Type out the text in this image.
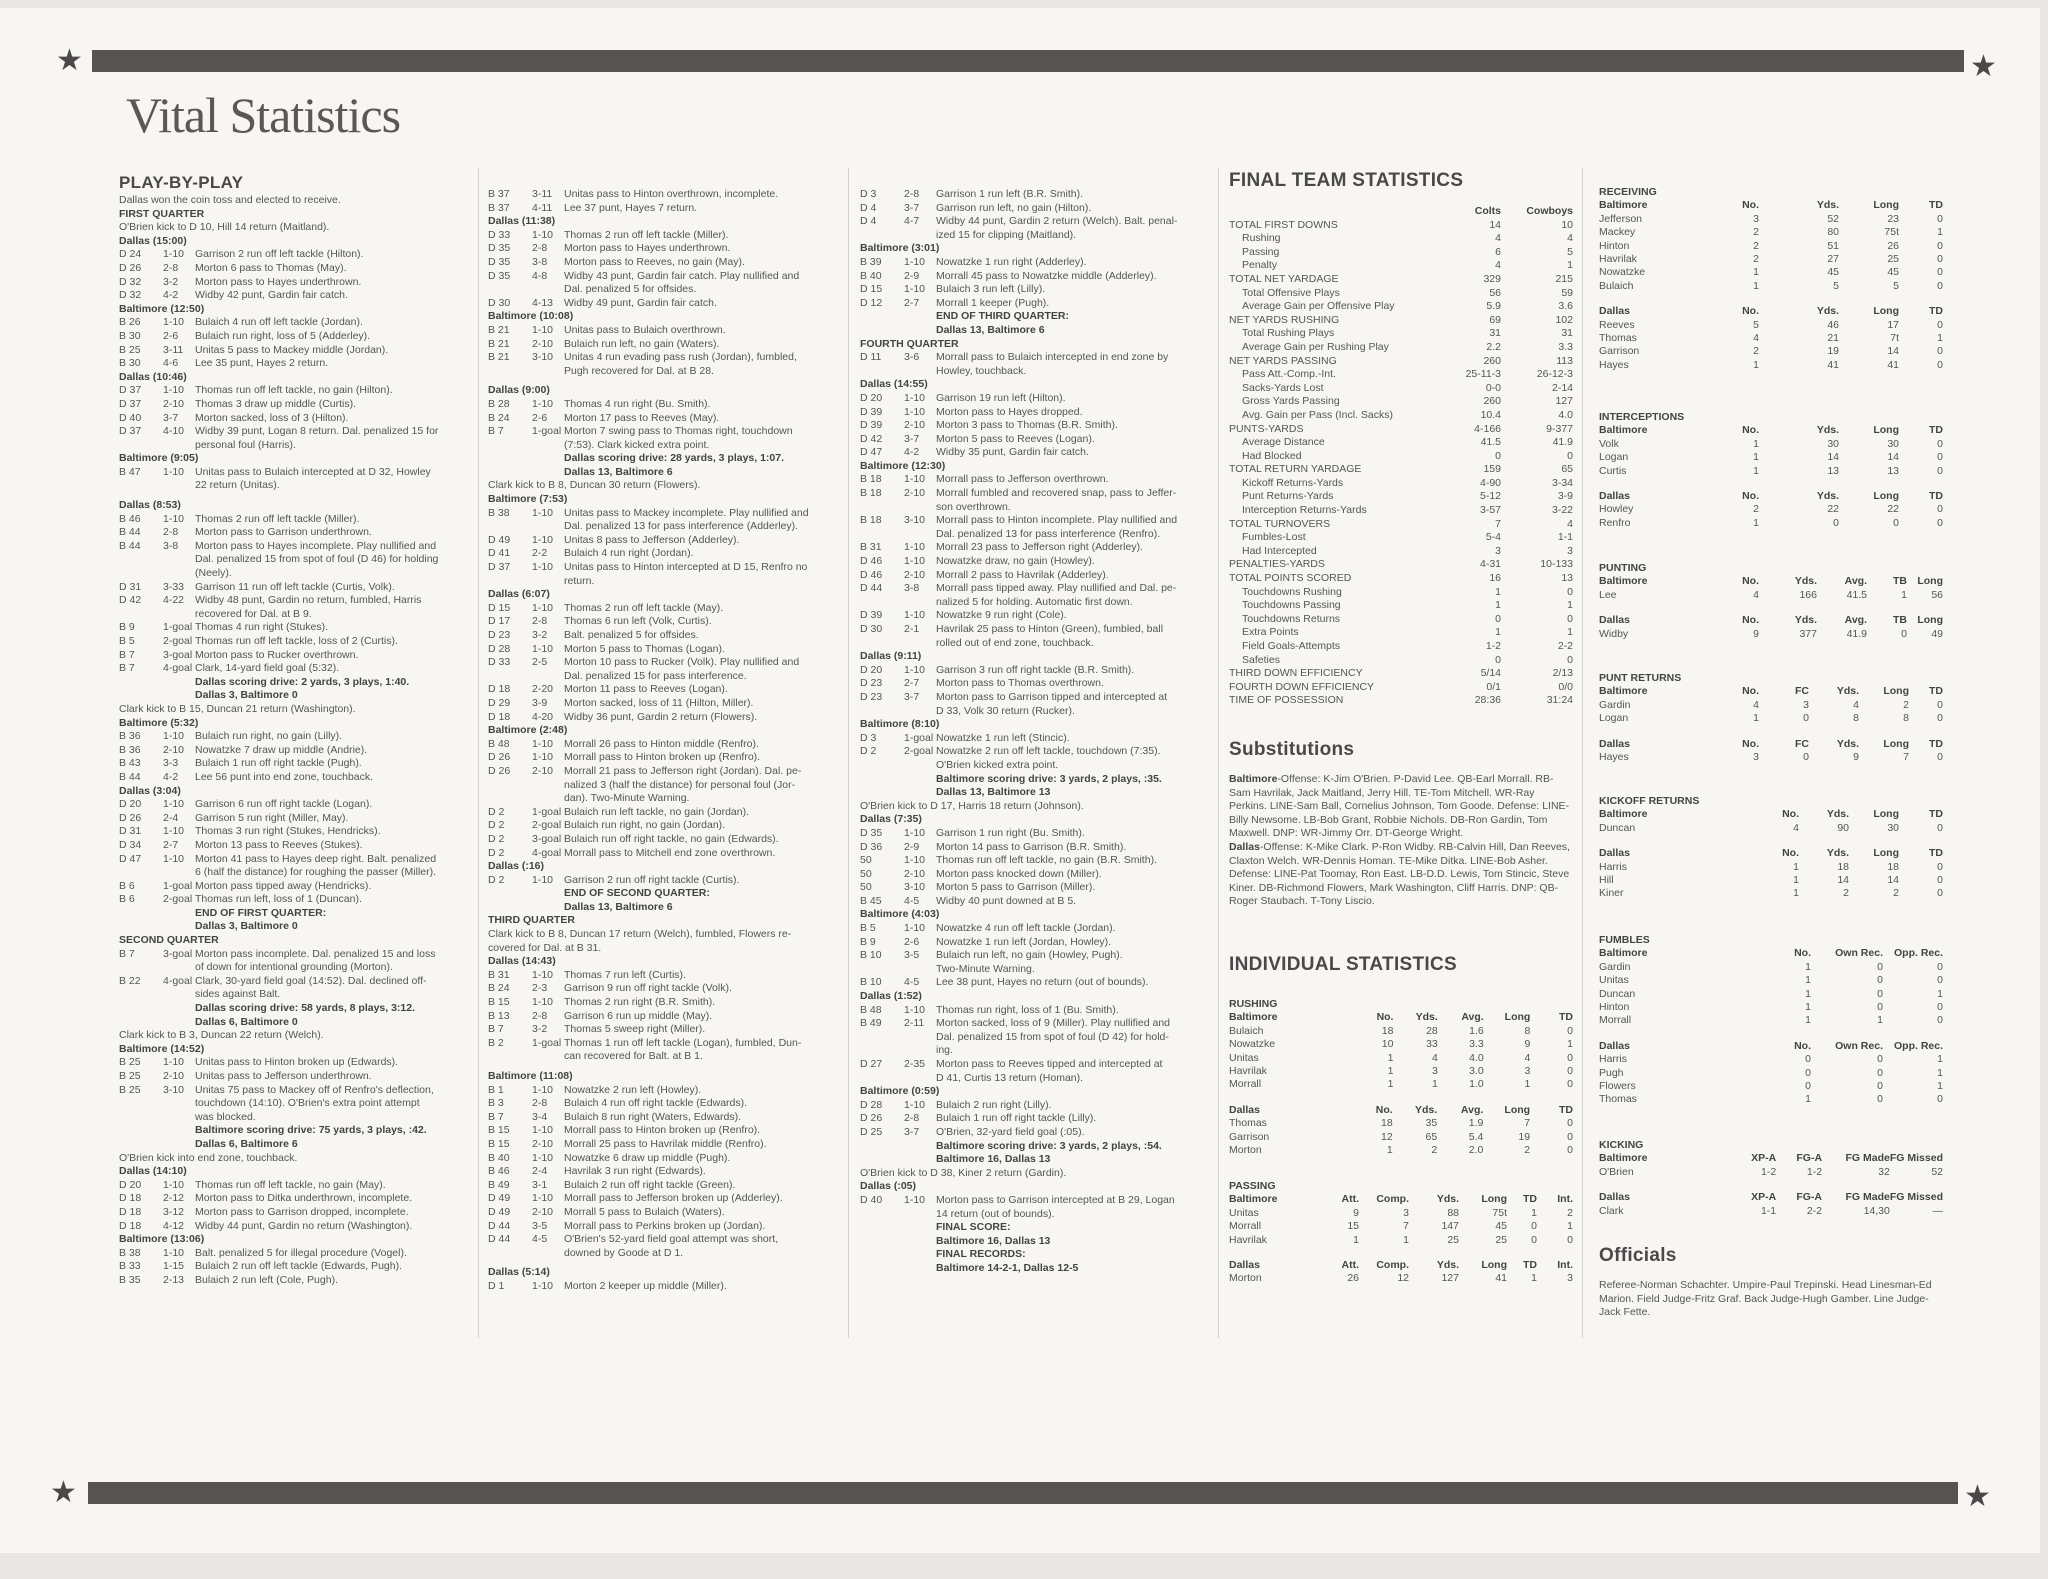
★	★
Vital Statistics
PLAY-BY-PLAY
Dallas won the coin toss and elected to receive.
FIRST QUARTER
O'Brien kick to D 10, Hill 14 return (Maitland).
Dallas (15:00)
D 24 1-10 Garrison 2 run off left tackle (Hilton).
D 26 2-8 Morton 6 pass to Thomas (May).
D 32 3-2 Morton pass to Hayes underthrown.
D 32 4-2 Widby 42 punt, Gardin fair catch.
Baltimore (12:50)
B 26 1-10 Bulaich 4 run off left tackle (Jordan).
B 30 2-6 Bulaich run right, loss of 5 (Adderley).
B 25 3-11 Unitas 5 pass to Mackey middle (Jordan).
B 30 4-6 Lee 35 punt, Hayes 2 return.
Dallas (10:46)
D 37 1-10 Thomas run off left tackle, no gain (Hilton).
D 37 2-10 Thomas 3 draw up middle (Curtis).
D 40 3-7 Morton sacked, loss of 3 (Hilton).
D 37 4-10 Widby 39 punt, Logan 8 return. Dal. penalized 15 for
personal foul (Harris).
Baltimore (9:05)
B 47 1-10 Unitas pass to Bulaich intercepted at D 32, Howley
22 return (Unitas).
Dallas (8:53)
B 46 1-10 Thomas 2 run off left tackle (Miller).
B 44 2-8 Morton pass to Garrison underthrown.
B 44 3-8 Morton pass to Hayes incomplete. Play nullified and
Dal. penalized 15 from spot of foul (D 46) for holding
(Neely).
D 31 3-33 Garrison 11 run off left tackle (Curtis, Volk).
D 42 4-22 Widby 48 punt, Gardin no return, fumbled, Harris
recovered for Dal. at B 9.
B 9	1-goal Thomas 4 run right (Stukes).
B 5	2-goal Thomas run off left tackle, loss of 2 (Curtis).
B 7	3-goal Morton pass to Rucker overthrown.
B 7	4-goal Clark, 14-yard field goal (5:32).
Dallas scoring drive: 2 yards, 3 plays, 1:40.
Dallas 3, Baltimore 0
Clark kick to B 15, Duncan 21 return (Washington).
Baltimore (5:32)
B 36 1-10 Bulaich run right, no gain (Lilly).
B 36 2-10 Nowatzke 7 draw up middle (Andrie).
B 43 3-3 Bulaich 1 run off right tackle (Pugh).
B 44 4-2 Lee 56 punt into end zone, touchback.
Dallas (3:04)
D 20 1-10 Garrison 6 run off right tackle (Logan).
D 26 2-4 Garrison 5 run right (Miller, May).
D 31 1-10 Thomas 3 run right (Stukes, Hendricks).
D 34 2-7 Morton 13 pass to Reeves (Stukes).
D 47 1-10 Morton 41 pass to Hayes deep right. Balt. penalized
6 (half the distance) for roughing the passer (Miller).
B 6	1-goal Morton pass tipped away (Hendricks).
B 6	2-goal Thomas run left, loss of 1 (Duncan).
END OF FIRST QUARTER:
Dallas 3, Baltimore 0
SECOND QUARTER
B 7	3-goal Morton pass incomplete. Dal. penalized 15 and loss
of down for intentional grounding (Morton).
B 22 4-goal Clark, 30-yard field goal (14:52). Dal. declined off-
sides against Balt.
Dallas scoring drive: 58 yards, 8 plays, 3:12.
Dallas 6, Baltimore 0
Clark kick to B 3, Duncan 22 return (Welch).
Baltimore (14:52)
B 25 1-10 Unitas pass to Hinton broken up (Edwards).
B 25 2-10 Unitas pass to Jefferson underthrown.
B 25 3-10 Unitas 75 pass to Mackey off of Renfro's deflection,
touchdown (14:10). O'Brien's extra point attempt
was blocked.
Baltimore scoring drive: 75 yards, 3 plays, :42.
Dallas 6, Baltimore 6
O'Brien kick into end zone, touchback.
Dallas (14:10)
D 20 1-10 Thomas run off left tackle, no gain (May).
D 18 2-12 Morton pass to Ditka underthrown, incomplete.
D 18 3-12 Morton pass to Garrison dropped, incomplete.
D 18 4-12 Widby 44 punt, Gardin no return (Washington).
Baltimore (13:06)
B 38 1-10 Balt. penalized 5 for illegal procedure (Vogel).
B 33 1-15 Bulaich 2 run off left tackle (Edwards, Pugh).
B 35 2-13 Bulaich 2 run left (Cole, Pugh).
B 37 3-11 Unitas pass to Hinton overthrown, incomplete.
B 37 4-11 Lee 37 punt, Hayes 7 return.
Dallas (11:38)
D 33 1-10 Thomas 2 run off left tackle (Miller).
D 35 2-8 Morton pass to Hayes underthrown.
D 35 3-8 Morton pass to Reeves, no gain (May).
D 35 4-8 Widby 43 punt, Gardin fair catch. Play nullified and
Dal. penalized 5 for offsides.
D 30 4-13 Widby 49 punt, Gardin fair catch.
Baltimore (10:08)
B 21 1-10 Unitas pass to Bulaich overthrown.
B 21 2-10 Bulaich run left, no gain (Waters).
B 21 3-10 Unitas 4 run evading pass rush (Jordan), fumbled,
Pugh recovered for Dal. at B 28.
Dallas (9:00)
B 28 1-10 Thomas 4 run right (Bu. Smith).
B 24 2-6 Morton 17 pass to Reeves (May).
B 7	1-goal Morton 7 swing pass to Thomas right, touchdown
(7:53). Clark kicked extra point.
Dallas scoring drive: 28 yards, 3 plays, 1:07.
Dallas 13, Baltimore 6
Clark kick to B 8, Duncan 30 return (Flowers).
Baltimore (7:53)
B 38 1-10 Unitas pass to Mackey incomplete. Play nullified and
Dal. penalized 13 for pass interference (Adderley).
D 49 1-10 Unitas 8 pass to Jefferson (Adderley).
D 41 2-2 Bulaich 4 run right (Jordan).
D 37 1-10 Unitas pass to Hinton intercepted at D 15, Renfro no
return.
Dallas (6:07)
D 15 1-10 Thomas 2 run off left tackle (May).
D 17 2-8 Thomas 6 run left (Volk, Curtis).
D 23 3-2 Balt. penalized 5 for offsides.
D 28 1-10 Morton 5 pass to Thomas (Logan).
D 33 2-5 Morton 10 pass to Rucker (Volk). Play nullified and
Dal. penalized 15 for pass interference.
D 18 2-20 Morton 11 pass to Reeves (Logan).
D 29 3-9 Morton sacked, loss of 11 (Hilton, Miller).
D 18 4-20 Widby 36 punt, Gardin 2 return (Flowers).
Baltimore (2:48)
B 48 1-10 Morrall 26 pass to Hinton middle (Renfro).
D 26 1-10 Morrall pass to Hinton broken up (Renfro).
D 26 2-10 Morrall 21 pass to Jefferson right (Jordan). Dal. pe-
nalized 3 (half the distance) for personal foul (Jor-
dan). Two-Minute Warning.
D 2	1-goal Bulaich run left tackle, no gain (Jordan).
D 2	2-goal Bulaich run right, no gain (Jordan).
D 2	3-goal Bulaich run off right tackle, no gain (Edwards).
D 2	4-goal Morrall pass to Mitchell end zone overthrown.
Dallas (:16)
D 2	1-10 Garrison 2 run off right tackle (Curtis).
END OF SECOND QUARTER:
Dallas 13, Baltimore 6
THIRD QUARTER
Clark kick to B 8, Duncan 17 return (Welch), fumbled, Flowers re-
covered for Dal. at B 31.
Dallas (14:43)
B 31 1-10 Thomas 7 run left (Curtis).
B 24 2-3 Garrison 9 run off right tackle (Volk).
B 15 1-10 Thomas 2 run right (B.R. Smith).
B 13 2-8 Garrison 6 run up middle (May).
B 7	3-2 Thomas 5 sweep right (Miller).
B 2	1-goal Thomas 1 run off left tackle (Logan), fumbled, Dun-
can recovered for Balt. at B 1.
Baltimore (11:08)
B 1	1-10 Nowatzke 2 run left (Howley).
B 3	2-8 Bulaich 4 run off right tackle (Edwards).
B 7	3-4 Bulaich 8 run right (Waters, Edwards).
B 15 1-10 Morrall pass to Hinton broken up (Renfro).
B 15 2-10 Morrall 25 pass to Havrilak middle (Renfro).
B 40 1-10 Nowatzke 6 draw up middle (Pugh).
B 46 2-4 Havrilak 3 run right (Edwards).
B 49 3-1 Bulaich 2 run off right tackle (Green).
D 49 1-10 Morrall pass to Jefferson broken up (Adderley).
D 49 2-10 Morrall 5 pass to Bulaich (Waters).
D 44 3-5 Morrall pass to Perkins broken up (Jordan).
D 44 4-5 O'Brien's 52-yard field goal attempt was short,
downed by Goode at D 1.
Dallas (5:14)
D 1	1-10 Morton 2 keeper up middle (Miller).
D 3	2-8 Garrison 1 run left (B.R. Smith).
D 4	3-7 Garrison run left, no gain (Hilton).
D 4	4-7 Widby 44 punt, Gardin 2 return (Welch). Balt. penal-
ized 15 for clipping (Maitland).
Baltimore (3:01)
B 39 1-10 Nowatzke 1 run right (Adderley).
B 40 2-9 Morrall 45 pass to Nowatzke middle (Adderley).
D 15 1-10 Bulaich 3 run left (Lilly).
D 12 2-7 Morrall 1 keeper (Pugh).
END OF THIRD QUARTER:
Dallas 13, Baltimore 6
FOURTH QUARTER
D 11 3-6 Morrall pass to Bulaich intercepted in end zone by
Howley, touchback.
Dallas (14:55)
D 20 1-10 Garrison 19 run left (Hilton).
D 39 1-10 Morton pass to Hayes dropped.
D 39 2-10 Morton 3 pass to Thomas (B.R. Smith).
D 42 3-7 Morton 5 pass to Reeves (Logan).
D 47 4-2 Widby 35 punt, Gardin fair catch.
Baltimore (12:30)
B 18 1-10 Morrall pass to Jefferson overthrown.
B 18 2-10 Morrall fumbled and recovered snap, pass to Jeffer-
son overthrown.
B 18 3-10 Morrall pass to Hinton incomplete. Play nullified and
Dal. penalized 13 for pass interference (Renfro).
B 31 1-10 Morrall 23 pass to Jefferson right (Adderley).
D 46 1-10 Nowatzke draw, no gain (Howley).
D 46 2-10 Morrall 2 pass to Havrilak (Adderley).
D 44 3-8 Morrall pass tipped away. Play nullified and Dal. pe-
nalized 5 for holding. Automatic first down.
D 39 1-10 Nowatzke 9 run right (Cole).
D 30 2-1 Havrilak 25 pass to Hinton (Green), fumbled, ball
rolled out of end zone, touchback.
Dallas (9:11)
D 20 1-10 Garrison 3 run off right tackle (B.R. Smith).
D 23 2-7 Morton pass to Thomas overthrown.
D 23 3-7 Morton pass to Garrison tipped and intercepted at
D 33, Volk 30 return (Rucker).
Baltimore (8:10)
D 3	1-goal Nowatzke 1 run left (Stincic).
D 2	2-goal Nowatzke 2 run off left tackle, touchdown (7:35).
O'Brien kicked extra point.
Baltimore scoring drive: 3 yards, 2 plays, :35.
Dallas 13, Baltimore 13
O'Brien kick to D 17, Harris 18 return (Johnson).
Dallas (7:35)
D 35 1-10 Garrison 1 run right (Bu. Smith).
D 36 2-9 Morton 14 pass to Garrison (B.R. Smith).
50	1-10 Thomas run off left tackle, no gain (B.R. Smith).
50	2-10 Morton pass knocked down (Miller).
50	3-10 Morton 5 pass to Garrison (Miller).
B 45 4-5 Widby 40 punt downed at B 5.
Baltimore (4:03)
B 5	1-10 Nowatzke 4 run off left tackle (Jordan).
B 9	2-6 Nowatzke 1 run left (Jordan, Howley).
B 10 3-5 Bulaich run left, no gain (Howley, Pugh).
Two-Minute Warning.
B 10 4-5 Lee 38 punt, Hayes no return (out of bounds).
Dallas (1:52)
B 48 1-10 Thomas run right, loss of 1 (Bu. Smith).
B 49 2-11 Morton sacked, loss of 9 (Miller). Play nullified and
Dal. penalized 15 from spot of foul (D 42) for hold-
ing.
D 27 2-35 Morton pass to Reeves tipped and intercepted at
D 41, Curtis 13 return (Homan).
Baltimore (0:59)
D 28 1-10 Bulaich 2 run right (Lilly).
D 26 2-8 Bulaich 1 run off right tackle (Lilly).
D 25 3-7 O'Brien, 32-yard field goal (:05).
Baltimore scoring drive: 3 yards, 2 plays, :54.
Baltimore 16, Dallas 13
O'Brien kick to D 38, Kiner 2 return (Gardin).
Dallas (:05)
D 40 1-10 Morton pass to Garrison intercepted at B 29, Logan
14 return (out of bounds).
FINAL SCORE:
Baltimore 16, Dallas 13
FINAL RECORDS:
Baltimore 14-2-1, Dallas 12-5
FINAL TEAM STATISTICS
	Colts	Cowboys
TOTAL FIRST DOWNS	14	10
Rushing	4	4
Passing	6	5
Penalty	4	1
TOTAL NET YARDAGE	329	215
Total Offensive Plays	56	59
Average Gain per Offensive Play	5.9	3.6
NET YARDS RUSHING	69	102
Total Rushing Plays	31	31
Average Gain per Rushing Play	2.2	3.3
NET YARDS PASSING	260	113
Pass Att.-Comp.-Int.	25-11-3	26-12-3
Sacks-Yards Lost	0-0	2-14
Gross Yards Passing	260	127
Avg. Gain per Pass (Incl. Sacks)	10.4	4.0
PUNTS-YARDS	4-166	9-377
Average Distance	41.5	41.9
Had Blocked	0	0
TOTAL RETURN YARDAGE	159	65
Kickoff Returns-Yards	4-90	3-34
Punt Returns-Yards	5-12	3-9
Interception Returns-Yards	3-57	3-22
TOTAL TURNOVERS	7	4
Fumbles-Lost	5-4	1-1
Had Intercepted	3	3
PENALTIES-YARDS	4-31	10-133
TOTAL POINTS SCORED	16	13
Touchdowns Rushing	1	0
Touchdowns Passing	1	1
Touchdowns Returns	0	0
Extra Points	1	1
Field Goals-Attempts	1-2	2-2
Safeties	0	0
THIRD DOWN EFFICIENCY	5/14	2/13
FOURTH DOWN EFFICIENCY	0/1	0/0
TIME OF POSSESSION	28:36	31:24
Substitutions
Baltimore-Offense: K-Jim O'Brien. P-David Lee. QB-Earl Morrall. RB-Sam Havrilak, Jack Maitland, Jerry Hill. TE-Tom Mitchell. WR-Ray Perkins. LINE-Sam Ball, Cornelius Johnson, Tom Goode. Defense: LINE-Billy Newsome. LB-Bob Grant, Robbie Nichols. DB-Ron Gardin, Tom Maxwell. DNP: WR-Jimmy Orr. DT-George Wright.
Dallas-Offense: K-Mike Clark. P-Ron Widby. RB-Calvin Hill, Dan Reeves, Claxton Welch. WR-Dennis Homan. TE-Mike Ditka. LINE-Bob Asher. Defense: LINE-Pat Toomay, Ron East. LB-D.D. Lewis, Tom Stincic, Steve Kiner. DB-Richmond Flowers, Mark Washington, Cliff Harris. DNP: QB-Roger Staubach. T-Tony Liscio.
INDIVIDUAL STATISTICS
RUSHING
Baltimore	No.	Yds.	Avg.	Long	TD
Bulaich	18	28	1.6	8	0
Nowatzke	10	33	3.3	9	1
Unitas	1	4	4.0	4	0
Havrilak	1	3	3.0	3	0
Morrall	1	1	1.0	1	0
Dallas	No.	Yds.	Avg.	Long	TD
Thomas	18	35	1.9	7	0
Garrison	12	65	5.4	19	0
Morton	1	2	2.0	2	0
PASSING
Baltimore	Att.	Comp.	Yds.	Long	TD	Int.
Unitas	9	3	88	75t	1	2
Morrall	15	7	147	45	0	1
Havrilak	1	1	25	25	0	0
Dallas	Att.	Comp.	Yds.	Long	TD	Int.
Morton	26	12	127	41	1	3
RECEIVING
Baltimore	No.	Yds.	Long	TD
Jefferson	3	52	23	0
Mackey	2	80	75t	1
Hinton	2	51	26	0
Havrilak	2	27	25	0
Nowatzke	1	45	45	0
Bulaich	1	5	5	0
Dallas	No.	Yds.	Long	TD
Reeves	5	46	17	0
Thomas	4	21	7t	1
Garrison	2	19	14	0
Hayes	1	41	41	0
INTERCEPTIONS
Baltimore	No.	Yds.	Long	TD
Volk	1	30	30	0
Logan	1	14	14	0
Curtis	1	13	13	0
Dallas	No.	Yds.	Long	TD
Howley	2	22	22	0
Renfro	1	0	0	0
PUNTING
Baltimore	No.	Yds.	Avg.	TB	Long
Lee	4	166	41.5	1	56
Dallas	No.	Yds.	Avg.	TB	Long
Widby	9	377	41.9	0	49
PUNT RETURNS
Baltimore	No.	FC	Yds.	Long	TD
Gardin	4	3	4	2	0
Logan	1	0	8	8	0
Dallas	No.	FC	Yds.	Long	TD
Hayes	3	0	9	7	0
KICKOFF RETURNS
Baltimore	No.	Yds.	Long	TD
Duncan	4	90	30	0
Dallas	No.	Yds.	Long	TD
Harris	1	18	18	0
Hill	1	14	14	0
Kiner	1	2	2	0
FUMBLES
Baltimore	No.	Own Rec.	Opp. Rec.
Gardin	1	0	0
Unitas	1	0	0
Duncan	1	0	1
Hinton	1	0	0
Morrall	1	1	0
Dallas	No.	Own Rec.	Opp. Rec.
Harris	0	0	1
Pugh	0	0	1
Flowers	0	0	1
Thomas	1	0	0
KICKING
Baltimore	XP-A	FG-A	FG Made	FG Missed
O'Brien	1-2	1-2	32	52
Dallas	XP-A	FG-A	FG Made	FG Missed
Clark	1-1	2-2	14,30	—
Officials
Referee-Norman Schachter. Umpire-Paul Trepinski. Head Linesman-Ed Marion. Field Judge-Fritz Graf. Back Judge-Hugh Gamber. Line Judge-Jack Fette.
★	★
